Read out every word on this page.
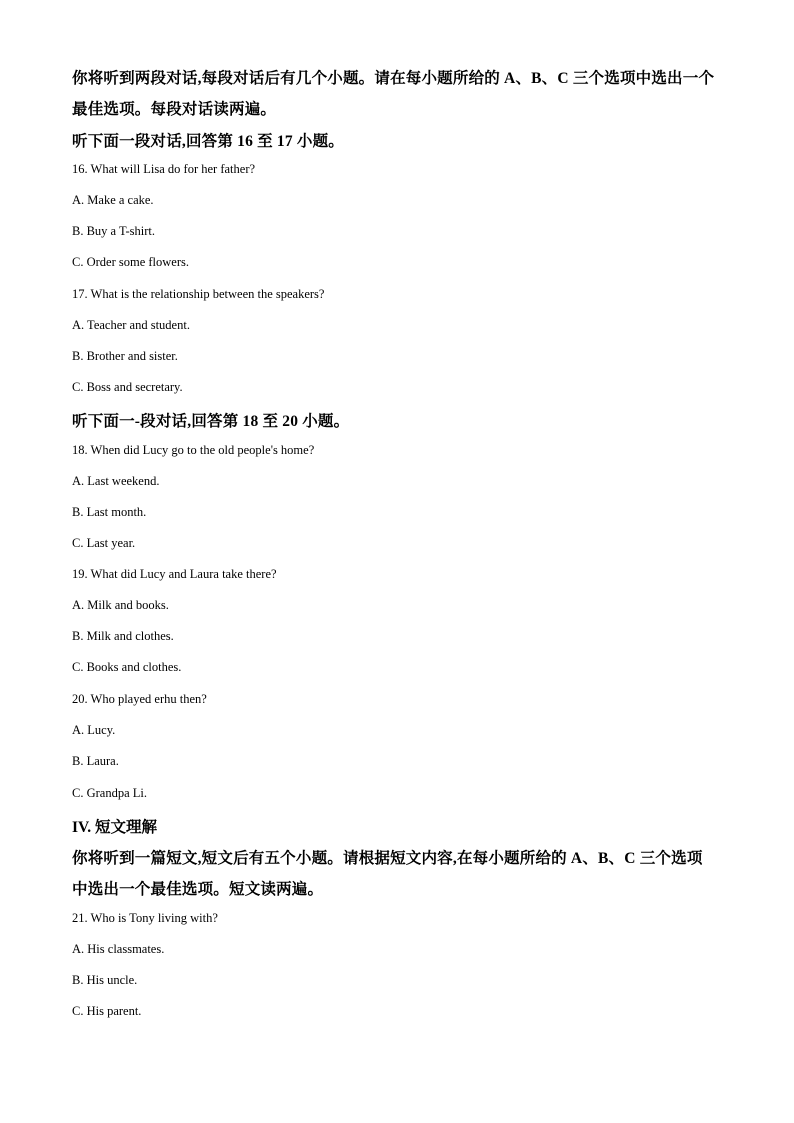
你将听到两段对话,每段对话后有几个小题。请在每小题所给的 A、B、C 三个选项中选出一个
最佳选项。每段对话读两遍。
听下面一段对话,回答第 16 至 17 小题。
16. What will Lisa do for her father?
A. Make a cake.
B. Buy a T-shirt.
C. Order some flowers.
17. What is the relationship between the speakers?
A. Teacher and student.
B. Brother and sister.
C. Boss and secretary.
听下面一-段对话,回答第 18 至 20 小题。
18. When did Lucy go to the old people's home?
A. Last weekend.
B. Last month.
C. Last year.
19. What did Lucy and Laura take there?
A. Milk and books.
B. Milk and clothes.
C. Books and clothes.
20. Who played erhu then?
A. Lucy.
B. Laura.
C. Grandpa Li.
IV. 短文理解
你将听到一篇短文,短文后有五个小题。请根据短文内容,在每小题所给的 A、B、C 三个选项
中选出一个最佳选项。短文读两遍。
21. Who is Tony living with?
A. His classmates.
B. His uncle.
C. His parent.
